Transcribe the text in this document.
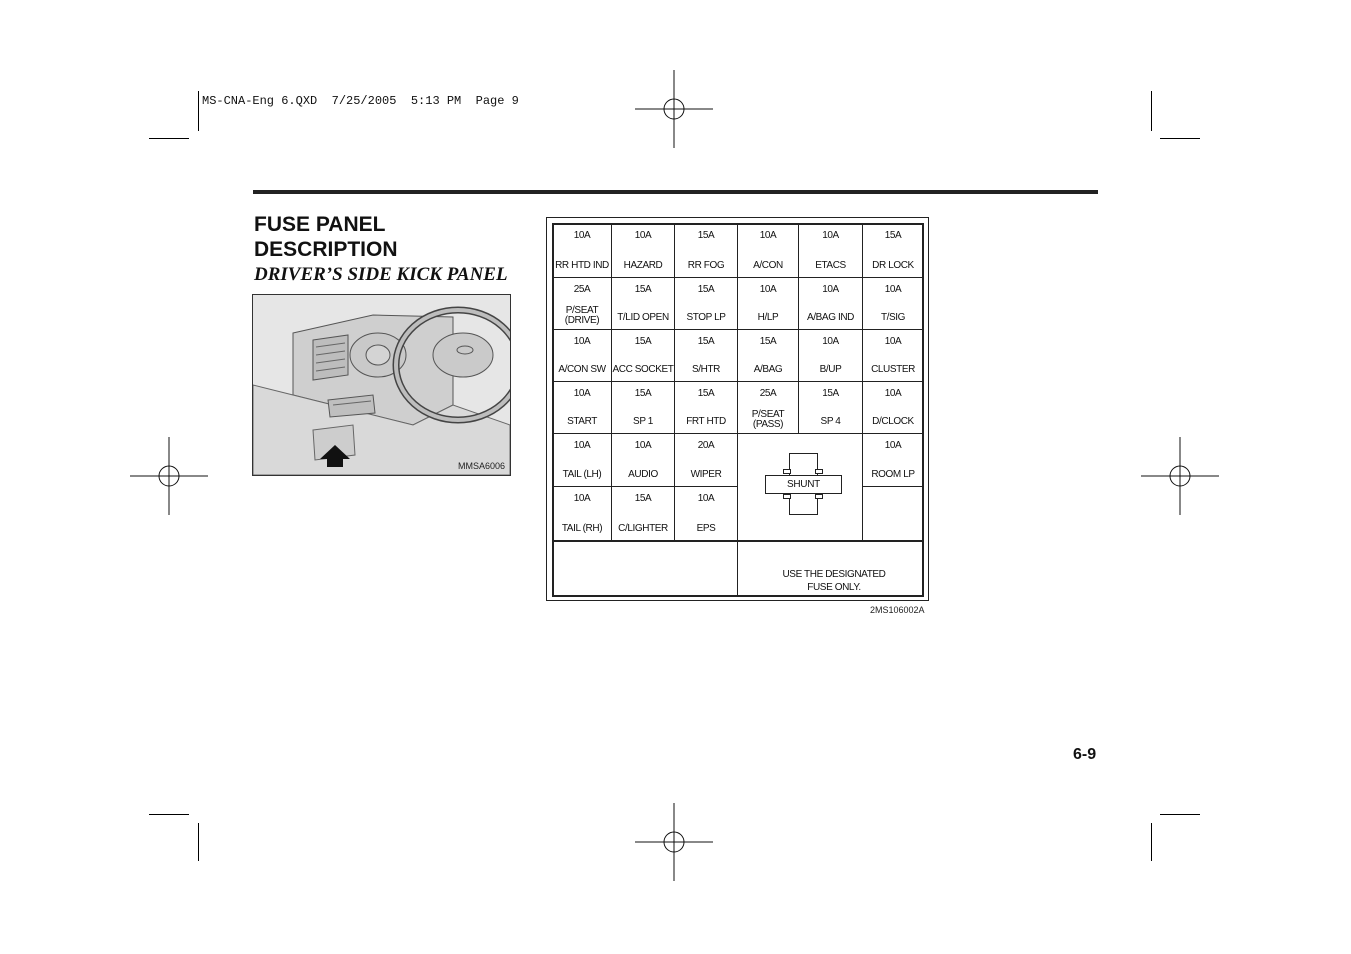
MS-CNA-Eng 6.QXD  7/25/2005  5:13 PM  Page 9
FUSE PANEL
DESCRIPTION
DRIVER’S SIDE KICK PANEL
MMSA6006
10A
RR HTD IND
10A
HAZARD
15A
RR FOG
10A
A/CON
10A
ETACS
15A
DR LOCK
25A
P/SEAT
(DRIVE)
15A
T/LID OPEN
15A
STOP LP
10A
H/LP
10A
A/BAG IND
10A
T/SIG
10A
A/CON SW
15A
ACC SOCKET
15A
S/HTR
15A
A/BAG
10A
B/UP
10A
CLUSTER
10A
START
15A
SP 1
15A
FRT HTD
25A
P/SEAT
(PASS)
15A
SP 4
10A
D/CLOCK
10A
TAIL (LH)
10A
AUDIO
20A
WIPER
10A
ROOM LP
10A
TAIL (RH)
15A
C/LIGHTER
10A
EPS
SHUNT
USE THE DESIGNATED
FUSE ONLY.
2MS106002A
6-9
